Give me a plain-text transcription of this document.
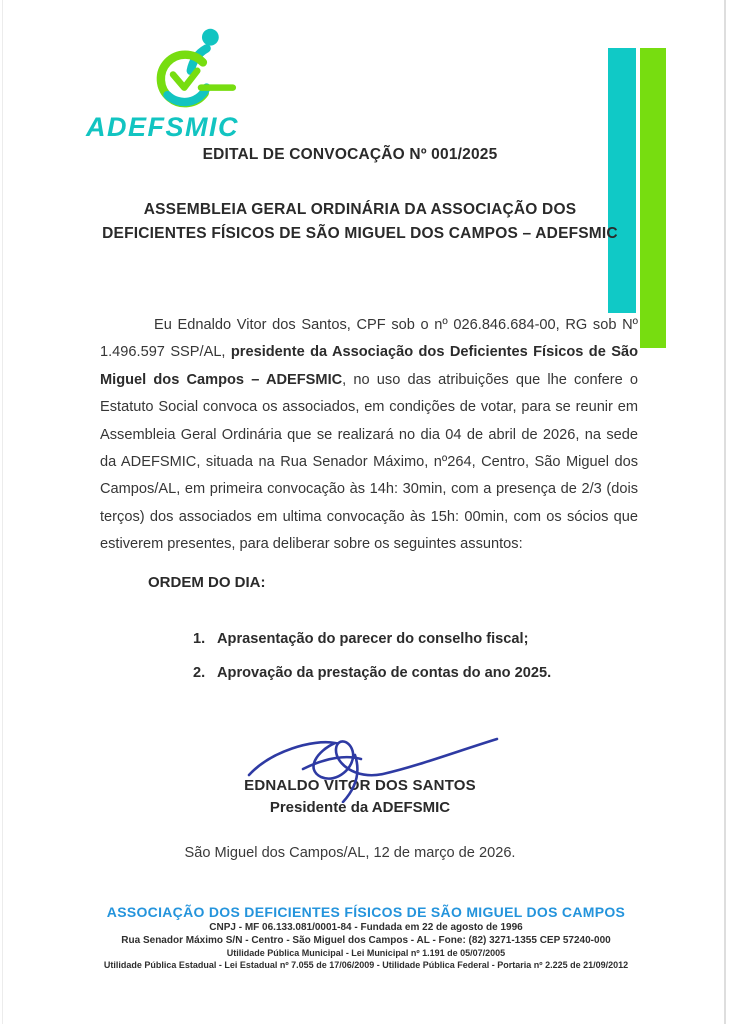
ADEFSMIC
EDITAL DE CONVOCAÇÃO Nº 001/2025
ASSEMBLEIA GERAL ORDINÁRIA DA ASSOCIAÇÃO DOS DEFICIENTES FÍSICOS DE SÃO MIGUEL DOS CAMPOS – ADEFSMIC

Eu Ednaldo Vitor dos Santos, CPF sob o nº 026.846.684-00, RG sob Nº 1.496.597 SSP/AL, presidente da Associação dos Deficientes Físicos de São Miguel dos Campos – ADEFSMIC, no uso das atribuições que lhe confere o Estatuto Social convoca os associados, em condições de votar, para se reunir em Assembleia Geral Ordinária que se realizará no dia 04 de abril de 2026, na sede da ADEFSMIC, situada na Rua Senador Máximo, nº264, Centro, São Miguel dos Campos/AL, em primeira convocação às 14h: 30min, com a presença de 2/3 (dois terços) dos associados em ultima convocação às 15h: 00min, com os sócios que estiverem presentes, para deliberar sobre os seguintes assuntos:

ORDEM DO DIA:
1. Aprasentação do parecer do conselho fiscal;
2. Aprovação da prestação de contas do ano 2025.
EDNALDO VITOR DOS SANTOS
Presidente da ADEFSMIC
São Miguel dos Campos/AL, 12 de março de 2026.
ASSOCIAÇÃO DOS DEFICIENTES FÍSICOS DE SÃO MIGUEL DOS CAMPOS
CNPJ - MF 06.133.081/0001-84 - Fundada em 22 de agosto de 1996
Rua Senador Máximo S/N - Centro - São Miguel dos Campos - AL - Fone: (82) 3271-1355 CEP 57240-000
Utilidade Pública Municipal - Lei Municipal nº 1.191 de 05/07/2005
Utilidade Pública Estadual - Lei Estadual nº 7.055 de 17/06/2009 - Utilidade Pública Federal - Portaria nº 2.225 de 21/09/2012
